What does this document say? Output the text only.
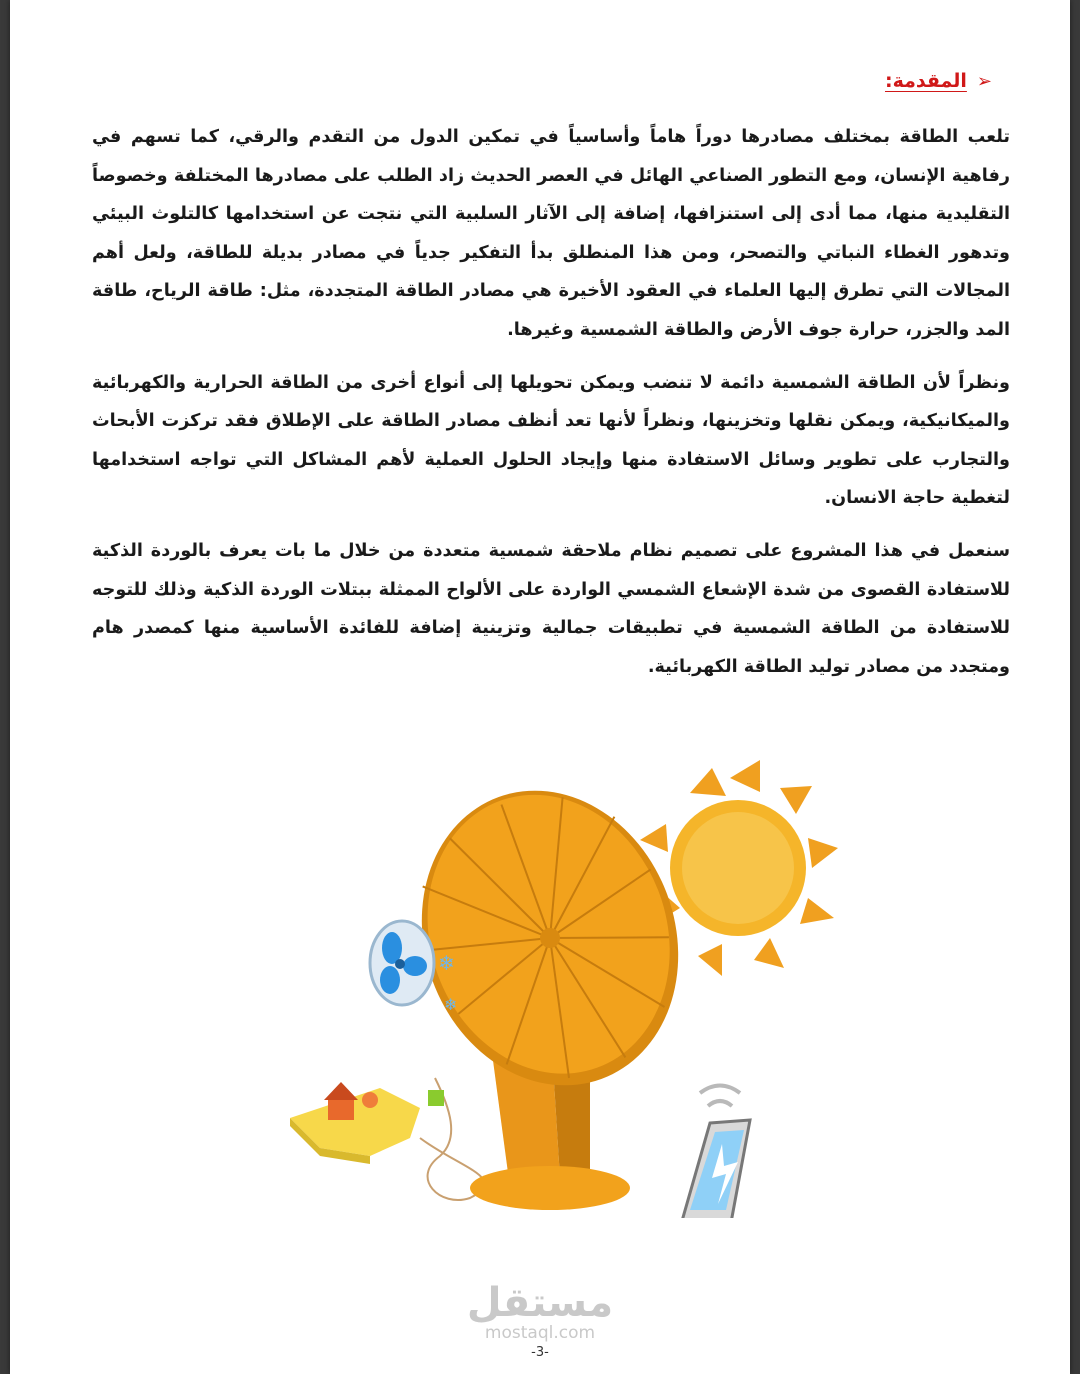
➢
المقدمة:

تلعب الطاقة بمختلف مصادرها دوراً هاماً وأساسياً في تمكين الدول من التقدم والرقي، كما تسهم في رفاهية الإنسان، ومع التطور الصناعي الهائل في العصر الحديث زاد الطلب على مصادرها المختلفة وخصوصاً التقليدية منها، مما أدى إلى استنزافها، إضافة إلى الآثار السلبية التي نتجت عن استخدامها كالتلوث البيئي وتدهور الغطاء النباتي والتصحر، ومن هذا المنطلق بدأ التفكير جدياً في مصادر بديلة للطاقة، ولعل أهم المجالات التي تطرق إليها العلماء في العقود الأخيرة هي مصادر الطاقة المتجددة، مثل: طاقة الرياح، طاقة المد والجزر، حرارة جوف الأرض والطاقة الشمسية وغيرها.

ونظراً لأن الطاقة الشمسية دائمة لا تنضب ويمكن تحويلها إلى أنواع أخرى من الطاقة الحرارية والكهربائية والميكانيكية، ويمكن نقلها وتخزينها، ونظراً لأنها تعد أنظف مصادر الطاقة على الإطلاق فقد تركزت الأبحاث والتجارب على تطوير وسائل الاستفادة منها وإيجاد الحلول العملية لأهم المشاكل التي تواجه استخدامها لتغطية حاجة الانسان.

سنعمل في هذا المشروع على تصميم نظام ملاحقة شمسية متعددة من خلال ما بات يعرف بالوردة الذكية للاستفادة القصوى من شدة الإشعاع الشمسي الواردة على الألواح الممثلة ببتلات الوردة الذكية وذلك للتوجه للاستفادة من الطاقة الشمسية في تطبيقات جمالية وتزينية إضافة للفائدة الأساسية منها كمصدر هام ومتجدد من مصادر توليد الطاقة الكهربائية.

❄
❄
مستقل
mostaql.com
-3-
